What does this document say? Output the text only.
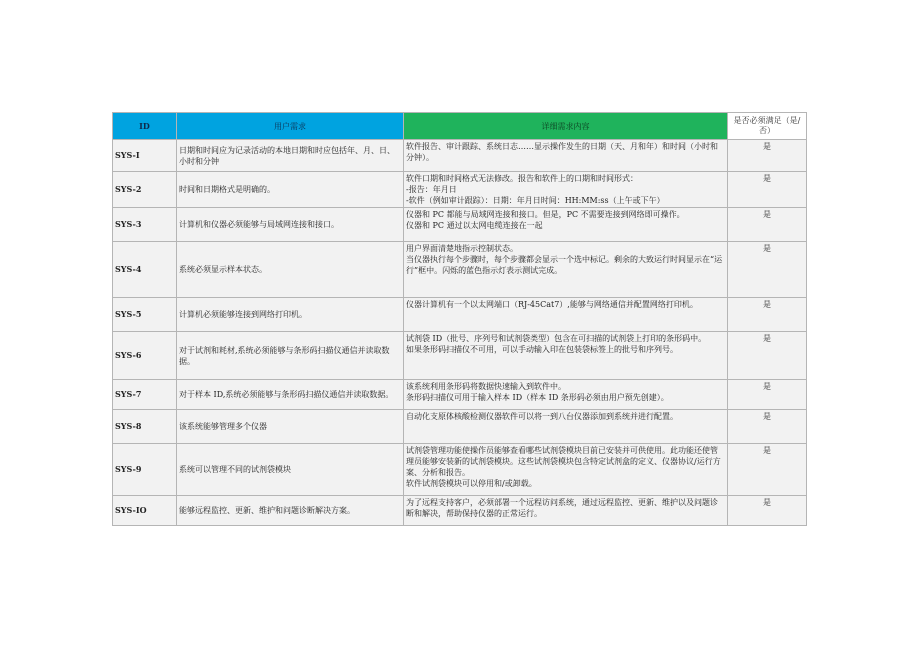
ID	用户需求	详细需求内容	是否必须满足（是/否）
SYS-I	日期和时间应为记录活动的本地日期和时应包括年、月、日、小时和分钟	软件报告、审计跟踪、系统日志……显示操作发生的日期（天、月和年）和时间（小时和分钟）。	是
SYS-2	时间和日期格式是明确的。	软件口期和时间格式无法修改。报告和软件上的口期和时间形式：
-报告：年月日
-软件（例如审计跟踪）：日期：年月日时间：HH:MM:ss（上午或下午）	是
SYS-3	计算机和仪器必须能够与局域网连接和接口。	仪器和 PC 都能与局域网连接和接口。但是，PC 不需要连接到网络即可操作。
仪器和 PC 通过以太网电缆连接在一起	是
SYS-4	系统必须显示样本状态。	用户界面清楚地指示控制状态。
当仪器执行每个步骤时，每个步骤都会显示一个选中标记。剩余的大致运行时间显示在“运行”框中。闪烁的蓝色指示灯表示测试完成。	是
SYS-5	计算机必须能够连接到网络打印机。	仪器计算机有一个以太网端口（RJ-45Cat7）,能够与网络通信并配置网络打印机。	是
SYS-6	对于试剂和耗材,系统必须能够与条形码扫描仪通信并读取数据。	试剂袋 ID（批号、序列号和试剂袋类型）包含在可扫描的试剂袋上打印的条形码中。
如果条形码扫描仪不可用，可以手动输入印在包装袋标签上的批号和序列号。	是
SYS-7	对于样本 ID,系统必须能够与条形码扫描仪通信并读取数据。	该系统利用条形码将数据快速输入到软件中。
条形码扫描仪可用于输入样本 ID（样本 ID 条形码必须由用户预先创建）。	是
SYS-8	该系统能够管理多个仪器	自动化支原体核酸检测仪器软件可以将一到八台仪器添加到系统并进行配置。	是
SYS-9	系统可以管理不同的试剂袋模块	试剂袋管理功能使操作员能够查看哪些试剂袋模块目前已安装并可供使用。此功能还使管理员能够安装新的试剂袋模块。这些试剂袋模块包含特定试剂盒的定义、仪器协议/运行方案、分析和报告。
软件试剂袋模块可以停用和/或卸载。	是
SYS-IO	能够远程监控、更新、维护和问题诊断解决方案。	为了远程支持客户，必须部署一个远程访问系统，通过远程监控、更新、维护以及问题诊断和解决，帮助保持仪器的正常运行。	是
